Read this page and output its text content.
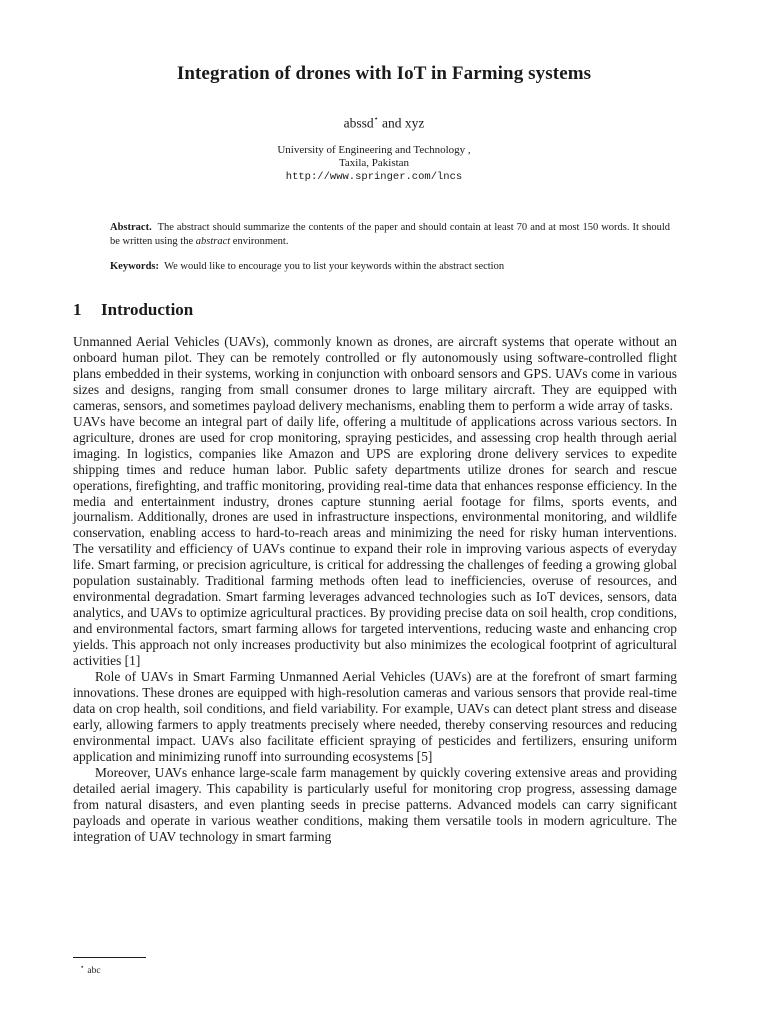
Integration of drones with IoT in Farming systems
abssd⋆ and xyz
University of Engineering and Technology ,
Taxila, Pakistan
http://www.springer.com/lncs
Abstract. The abstract should summarize the contents of the paper and should contain at least 70 and at most 150 words. It should be written using the abstract environment.
Keywords: We would like to encourage you to list your keywords within the abstract section
1 Introduction

Unmanned Aerial Vehicles (UAVs), commonly known as drones, are aircraft systems that operate without an onboard human pilot. They can be remotely controlled or fly autonomously using software-controlled flight plans embedded in their systems, working in conjunction with onboard sensors and GPS. UAVs come in various sizes and designs, ranging from small consumer drones to large military aircraft. They are equipped with cameras, sensors, and sometimes payload delivery mechanisms, enabling them to perform a wide array of tasks.

UAVs have become an integral part of daily life, offering a multitude of applications across various sectors. In agriculture, drones are used for crop monitoring, spraying pesticides, and assessing crop health through aerial imaging. In logistics, companies like Amazon and UPS are exploring drone delivery services to expedite shipping times and reduce human labor. Public safety departments utilize drones for search and rescue operations, firefighting, and traffic monitoring, providing real-time data that enhances response efficiency. In the media and entertainment industry, drones capture stunning aerial footage for films, sports events, and journalism. Additionally, drones are used in infrastructure inspections, environmental monitoring, and wildlife conservation, enabling access to hard-to-reach areas and minimizing the need for risky human interventions. The versatility and efficiency of UAVs continue to expand their role in improving various aspects of everyday life. Smart farming, or precision agriculture, is critical for addressing the challenges of feeding a growing global population sustainably. Traditional farming methods often lead to inefficiencies, overuse of resources, and environmental degradation. Smart farming leverages advanced technologies such as IoT devices, sensors, data analytics, and UAVs to optimize agricultural practices. By providing precise data on soil health, crop conditions, and environmental factors, smart farming allows for targeted interventions, reducing waste and enhancing crop yields. This approach not only increases productivity but also minimizes the ecological footprint of agricultural activities [1]

Role of UAVs in Smart Farming Unmanned Aerial Vehicles (UAVs) are at the forefront of smart farming innovations. These drones are equipped with high-resolution cameras and various sensors that provide real-time data on crop health, soil conditions, and field variability. For example, UAVs can detect plant stress and disease early, allowing farmers to apply treatments precisely where needed, thereby conserving resources and reducing environmental impact. UAVs also facilitate efficient spraying of pesticides and fertilizers, ensuring uniform application and minimizing runoff into surrounding ecosystems [5]

Moreover, UAVs enhance large-scale farm management by quickly covering extensive areas and providing detailed aerial imagery. This capability is particularly useful for monitoring crop progress, assessing damage from natural disasters, and even planting seeds in precise patterns. Advanced models can carry significant payloads and operate in various weather conditions, making them versatile tools in modern agriculture. The integration of UAV technology in smart farming

⋆ abc
